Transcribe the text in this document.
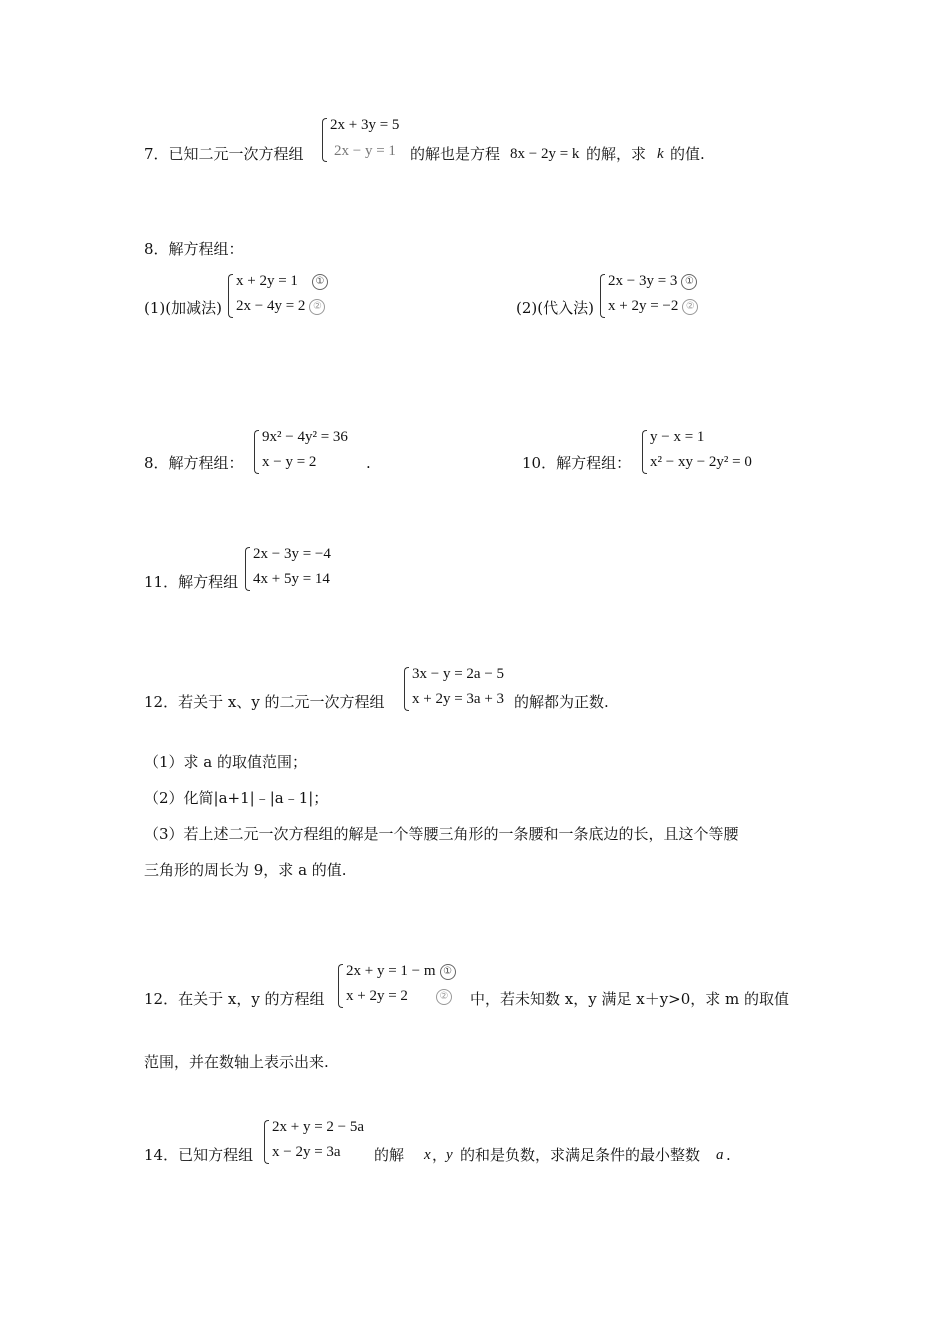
7．已知二元一次方程组
2x + 3y = 5
2x − y = 1 的解也是方程 8x − 2y = k 的解，求 k 的值.
8．解方程组：
(1)(加减法)
x + 2y = 1 ①
2x − 4y = 2 ②	(2)(代入法)
2x − 3y = 3 ①
x + 2y = −2 ②
8．解方程组：
9x² − 4y² = 36
x − y = 2	.	10．解方程组：
y − x = 1
x² − xy − 2y² = 0
11．解方程组
2x − 3y = −4
4x + 5y = 14
12．若关于 x、y 的二元一次方程组
3x − y = 2a − 5
x + 2y = 3a + 3 的解都为正数.
（1）求 a 的取值范围；
（2）化简|a+1|﹣|a﹣1|；
（3）若上述二元一次方程组的解是一个等腰三角形的一条腰和一条底边的长，且这个等腰
三角形的周长为 9，求 a 的值.
12．在关于 x，y 的方程组
2x + y = 1 − m ①
x + 2y = 2	② 中，若未知数 x，y 满足 x＋y>0，求 m 的取值
范围，并在数轴上表示出来.
14．已知方程组
2x + y = 2 − 5a
x − 2y = 3a 的解 x ，
y 的和是负数，求满足条件的最小整数 a .
